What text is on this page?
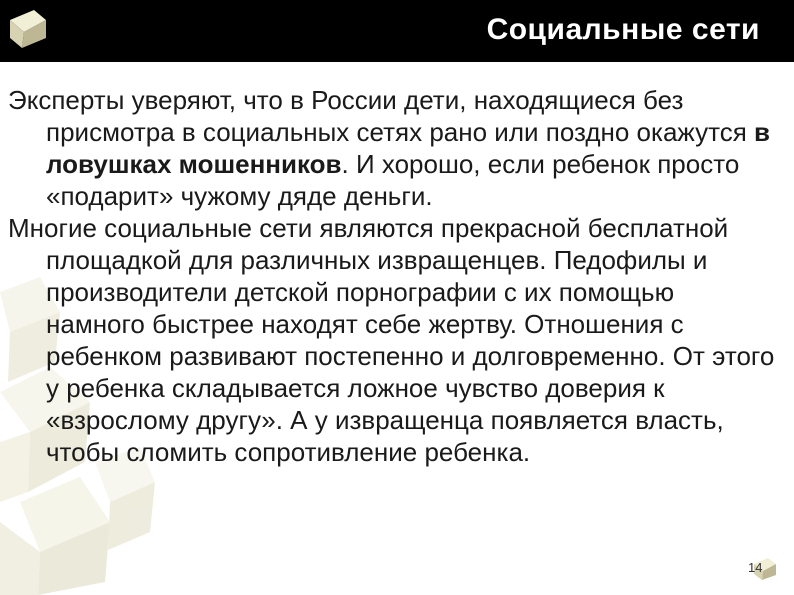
Социальные сети

Эксперты уверяют, что в России дети, находящиеся без присмотра в социальных сетях рано или поздно окажутся в ловушках мошенников. И хорошо, если ребенок просто «подарит» чужому дяде деньги.

Многие социальные сети являются прекрасной бесплатной площадкой для различных извращенцев. Педофилы и производители детской порнографии с их помощью намного быстрее находят себе жертву. Отношения с ребенком развивают постепенно и долговременно. От этого у ребенка складывается ложное чувство доверия к «взрослому другу». А у извращенца появляется власть, чтобы сломить сопротивление ребенка.

14
